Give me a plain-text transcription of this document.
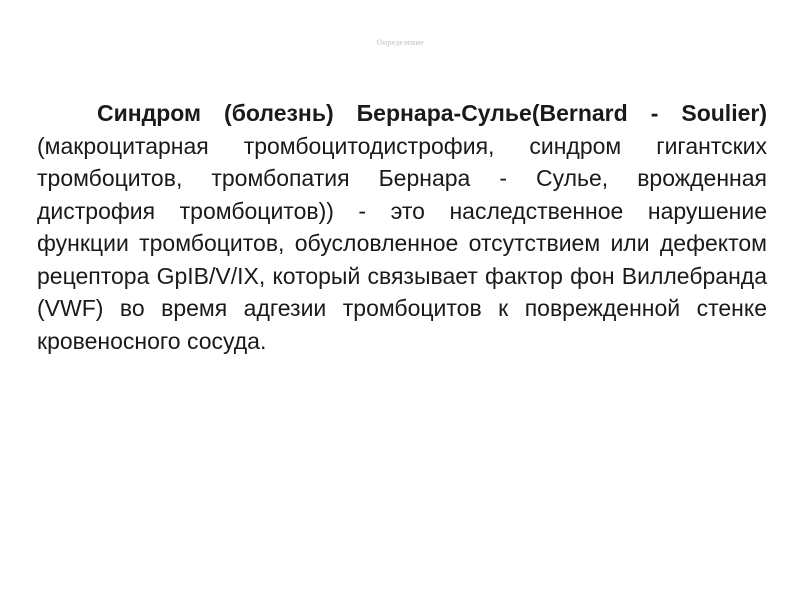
Определение

Синдром (болезнь) Бернара-Сулье(Bernard - Soulier) (макроцитарная тромбоцитодистрофия, синдром гигантских тромбоцитов, тромбопатия Бернара - Сулье, врожденная дистрофия тромбоцитов)) - это наследственное нарушение функции тромбоцитов, обусловленное отсутствием или дефектом рецептора GpIB/V/IX, который связывает фактор фон Виллебранда (VWF) во время адгезии тромбоцитов к поврежденной стенке кровеносного сосуда.
